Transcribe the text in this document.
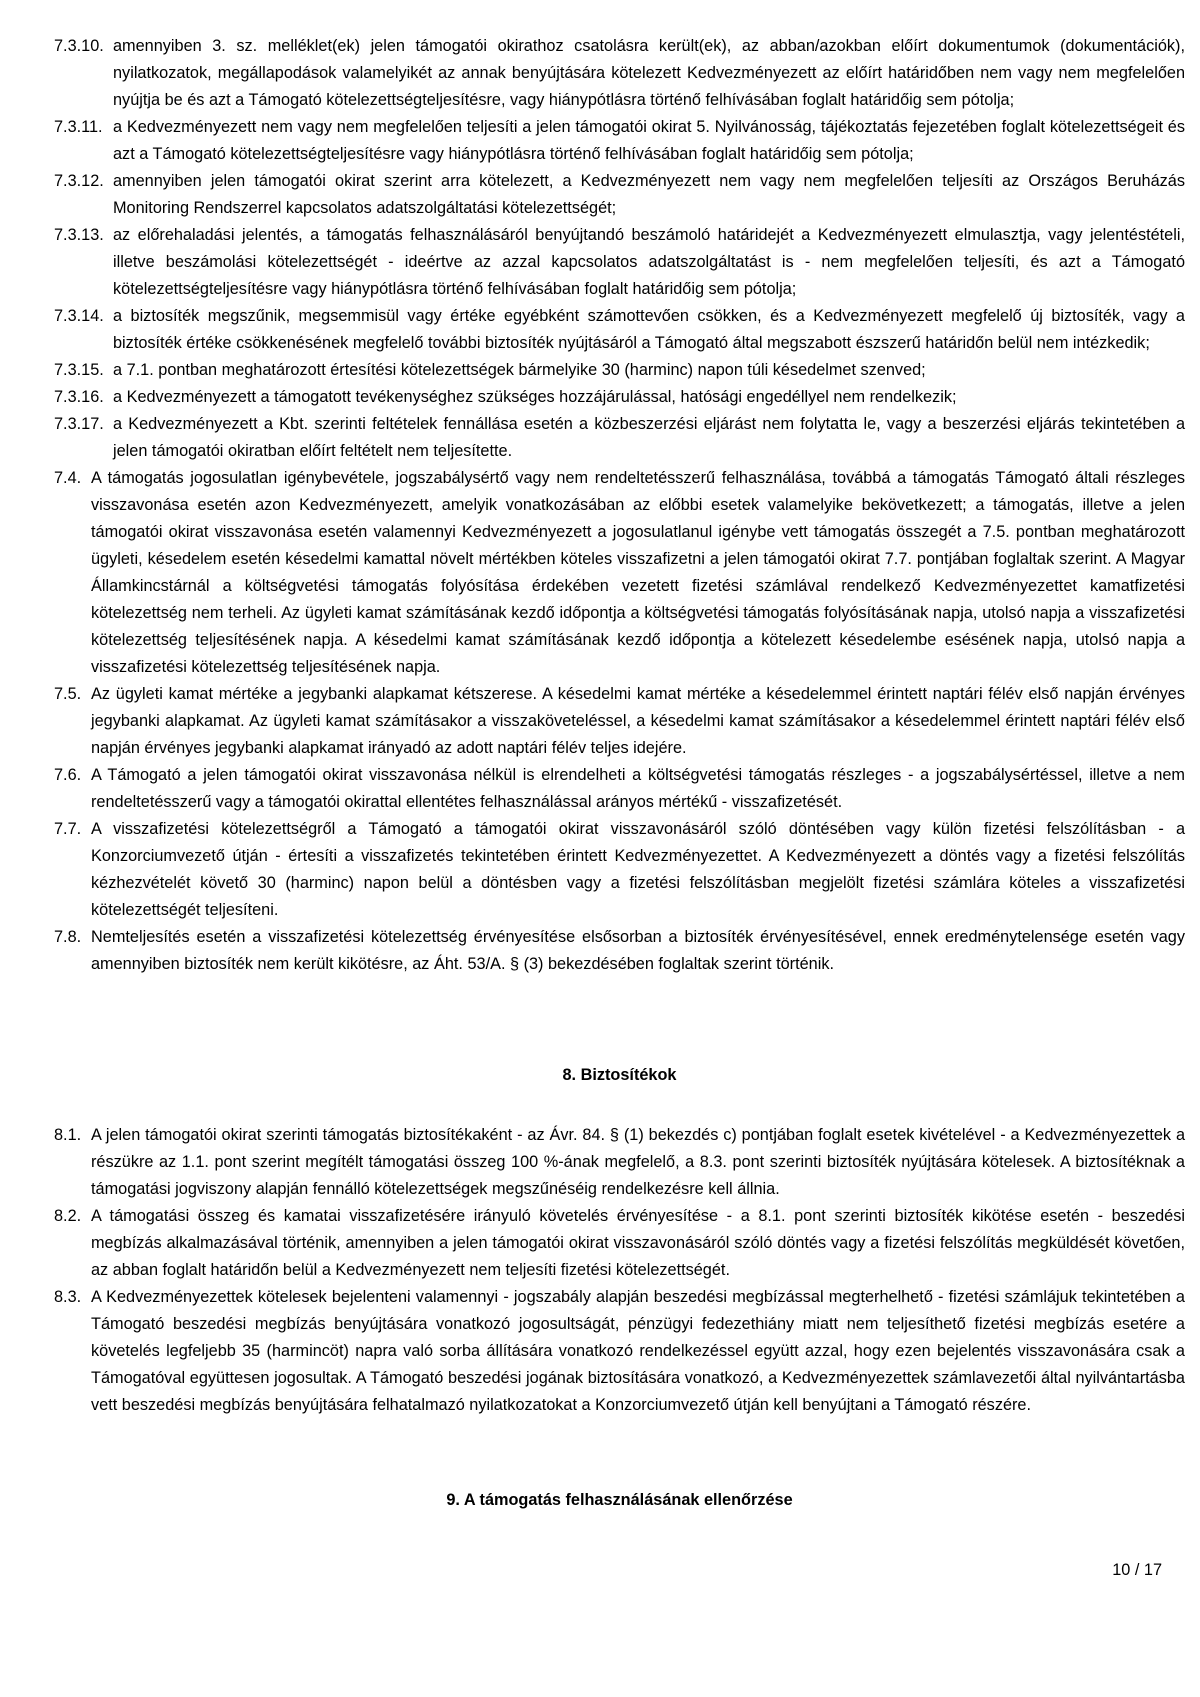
7.3.10. amennyiben 3. sz. melléklet(ek) jelen támogatói okirathoz csatolásra került(ek), az abban/azokban előírt dokumentumok (dokumentációk), nyilatkozatok, megállapodások valamelyikét az annak benyújtására kötelezett Kedvezményezett az előírt határidőben nem vagy nem megfelelően nyújtja be és azt a Támogató kötelezettségteljesítésre, vagy hiánypótlásra történő felhívásában foglalt határidőig sem pótolja;
7.3.11. a Kedvezményezett nem vagy nem megfelelően teljesíti a jelen támogatói okirat 5. Nyilvánosság, tájékoztatás fejezetében foglalt kötelezettségeit és azt a Támogató kötelezettségteljesítésre vagy hiánypótlásra történő felhívásában foglalt határidőig sem pótolja;
7.3.12. amennyiben jelen támogatói okirat szerint arra kötelezett, a Kedvezményezett nem vagy nem megfelelően teljesíti az Országos Beruházás Monitoring Rendszerrel kapcsolatos adatszolgáltatási kötelezettségét;
7.3.13. az előrehaladási jelentés, a támogatás felhasználásáról benyújtandó beszámoló határidejét a Kedvezményezett elmulasztja, vagy jelentéstételi, illetve beszámolási kötelezettségét - ideértve az azzal kapcsolatos adatszolgáltatást is - nem megfelelően teljesíti, és azt a Támogató kötelezettségteljesítésre vagy hiánypótlásra történő felhívásában foglalt határidőig sem pótolja;
7.3.14. a biztosíték megszűnik, megsemmisül vagy értéke egyébként számottevően csökken, és a Kedvezményezett megfelelő új biztosíték, vagy a biztosíték értéke csökkenésének megfelelő további biztosíték nyújtásáról a Támogató által megszabott észszerű határidőn belül nem intézkedik;
7.3.15. a 7.1. pontban meghatározott értesítési kötelezettségek bármelyike 30 (harminc) napon túli késedelmet szenved;
7.3.16. a Kedvezményezett a támogatott tevékenységhez szükséges hozzájárulással, hatósági engedéllyel nem rendelkezik;
7.3.17. a Kedvezményezett a Kbt. szerinti feltételek fennállása esetén a közbeszerzési eljárást nem folytatta le, vagy a beszerzési eljárás tekintetében a jelen támogatói okiratban előírt feltételt nem teljesítette.
7.4. A támogatás jogosulatlan igénybevétele, jogszabálysértő vagy nem rendeltetésszerű felhasználása, továbbá a támogatás Támogató általi részleges visszavonása esetén azon Kedvezményezett, amelyik vonatkozásában az előbbi esetek valamelyike bekövetkezett; a támogatás, illetve a jelen támogatói okirat visszavonása esetén valamennyi Kedvezményezett a jogosulatlanul igénybe vett támogatás összegét a 7.5. pontban meghatározott ügyleti, késedelem esetén késedelmi kamattal növelt mértékben köteles visszafizetni a jelen támogatói okirat 7.7. pontjában foglaltak szerint. A Magyar Államkincstárnál a költségvetési támogatás folyósítása érdekében vezetett fizetési számlával rendelkező Kedvezményezettet kamatfizetési kötelezettség nem terheli. Az ügyleti kamat számításának kezdő időpontja a költségvetési támogatás folyósításának napja, utolsó napja a visszafizetési kötelezettség teljesítésének napja. A késedelmi kamat számításának kezdő időpontja a kötelezett késedelembe esésének napja, utolsó napja a visszafizetési kötelezettség teljesítésének napja.
7.5. Az ügyleti kamat mértéke a jegybanki alapkamat kétszerese. A késedelmi kamat mértéke a késedelemmel érintett naptári félév első napján érvényes jegybanki alapkamat. Az ügyleti kamat számításakor a visszaköveteléssel, a késedelmi kamat számításakor a késedelemmel érintett naptári félév első napján érvényes jegybanki alapkamat irányadó az adott naptári félév teljes idejére.
7.6. A Támogató a jelen támogatói okirat visszavonása nélkül is elrendelheti a költségvetési támogatás részleges - a jogszabálysértéssel, illetve a nem rendeltetésszerű vagy a támogatói okirattal ellentétes felhasználással arányos mértékű - visszafizetését.
7.7. A visszafizetési kötelezettségről a Támogató a támogatói okirat visszavonásáról szóló döntésében vagy külön fizetési felszólításban - a Konzorciumvezető útján - értesíti a visszafizetés tekintetében érintett Kedvezményezettet. A Kedvezményezett a döntés vagy a fizetési felszólítás kézhezvételét követő 30 (harminc) napon belül a döntésben vagy a fizetési felszólításban megjelölt fizetési számlára köteles a visszafizetési kötelezettségét teljesíteni.
7.8. Nemteljesítés esetén a visszafizetési kötelezettség érvényesítése elsősorban a biztosíték érvényesítésével, ennek eredménytelensége esetén vagy amennyiben biztosíték nem került kikötésre, az Áht. 53/A. § (3) bekezdésében foglaltak szerint történik.
8. Biztosítékok
8.1. A jelen támogatói okirat szerinti támogatás biztosítékaként - az Ávr. 84. § (1) bekezdés c) pontjában foglalt esetek kivételével - a Kedvezményezettek a részükre az 1.1. pont szerint megítélt támogatási összeg 100 %-ának megfelelő, a 8.3. pont szerinti biztosíték nyújtására kötelesek. A biztosítéknak a támogatási jogviszony alapján fennálló kötelezettségek megszűnéséig rendelkezésre kell állnia.
8.2. A támogatási összeg és kamatai visszafizetésére irányuló követelés érvényesítése - a 8.1. pont szerinti biztosíték kikötése esetén - beszedési megbízás alkalmazásával történik, amennyiben a jelen támogatói okirat visszavonásáról szóló döntés vagy a fizetési felszólítás megküldését követően, az abban foglalt határidőn belül a Kedvezményezett nem teljesíti fizetési kötelezettségét.
8.3. A Kedvezményezettek kötelesek bejelenteni valamennyi - jogszabály alapján beszedési megbízással megterhelhető - fizetési számlájuk tekintetében a Támogató beszedési megbízás benyújtására vonatkozó jogosultságát, pénzügyi fedezethiány miatt nem teljesíthető fizetési megbízás esetére a követelés legfeljebb 35 (harmincöt) napra való sorba állítására vonatkozó rendelkezéssel együtt azzal, hogy ezen bejelentés visszavonására csak a Támogatóval együttesen jogosultak. A Támogató beszedési jogának biztosítására vonatkozó, a Kedvezményezettek számlavezetői által nyilvántartásba vett beszedési megbízás benyújtására felhatalmazó nyilatkozatokat a Konzorciumvezető útján kell benyújtani a Támogató részére.
9. A támogatás felhasználásának ellenőrzése
10 / 17
